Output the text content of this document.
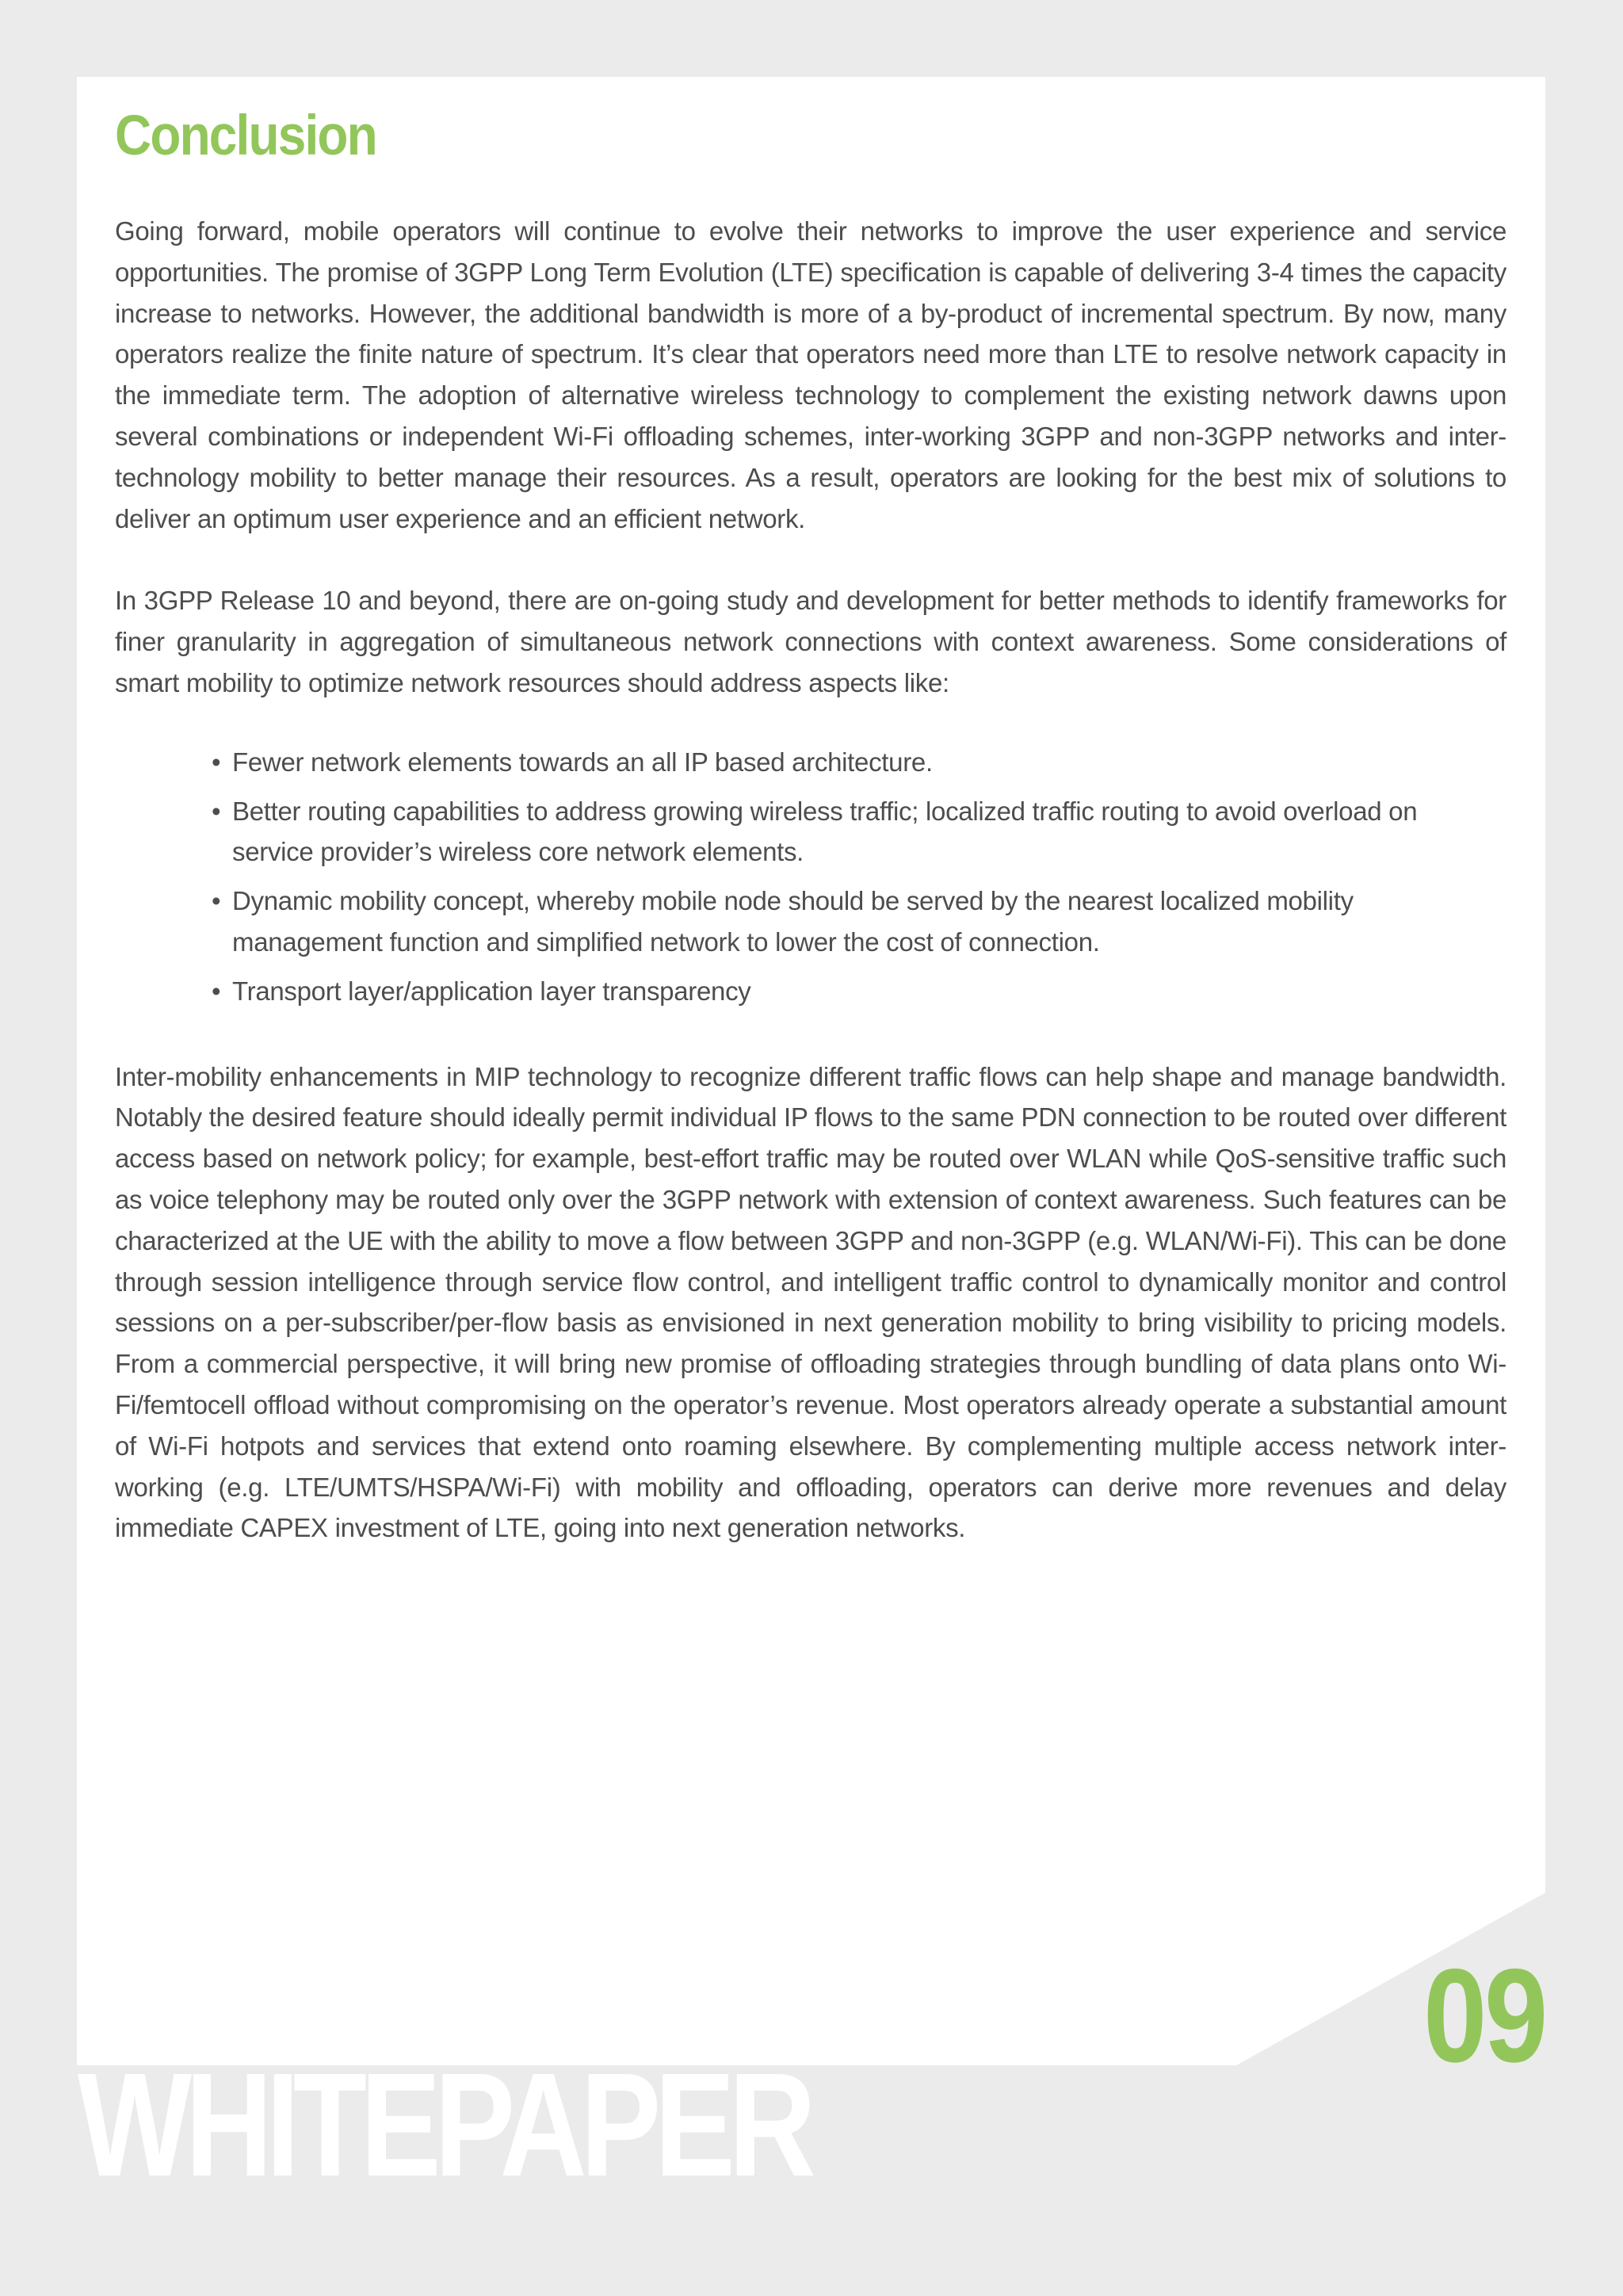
WHITEPAPER
09
Conclusion

Going forward, mobile operators will continue to evolve their networks to improve the user experience and service opportunities. The promise of 3GPP Long Term Evolution (LTE) specification is capable of delivering 3-4 times the capacity increase to networks. However, the additional bandwidth is more of a by-product of incremental spectrum. By now, many operators realize the finite nature of spectrum. It’s clear that operators need more than LTE to resolve network capacity in the immediate term. The adoption of alternative wireless technology to complement the existing network dawns upon several combinations or independent Wi-Fi offloading schemes, inter-working 3GPP and non-3GPP networks and inter-technology mobility to better manage their resources. As a result, operators are looking for the best mix of solutions to deliver an optimum user experience and an efficient network.

In 3GPP Release 10 and beyond, there are on-going study and development for better methods to identify frameworks for finer granularity in aggregation of simultaneous network connections with context awareness. Some considerations of smart mobility to optimize network resources should address aspects like:

• Fewer network elements towards an all IP based architecture.
• Better routing capabilities to address growing wireless traffic; localized traffic routing to avoid overload on service provider’s wireless core network elements.
• Dynamic mobility concept, whereby mobile node should be served by the nearest localized mobility management function and simplified network to lower the cost of connection.
• Transport layer/application layer transparency

Inter-mobility enhancements in MIP technology to recognize different traffic flows can help shape and manage bandwidth. Notably the desired feature should ideally permit individual IP flows to the same PDN connection to be routed over different access based on network policy; for example, best-effort traffic may be routed over WLAN while QoS-sensitive traffic such as voice telephony may be routed only over the 3GPP network with extension of context awareness. Such features can be characterized at the UE with the ability to move a flow between 3GPP and non-3GPP (e.g. WLAN/Wi-Fi). This can be done through session intelligence through service flow control, and intelligent traffic control to dynamically monitor and control sessions on a per-subscriber/per-flow basis as envisioned in next generation mobility to bring visibility to pricing models. From a commercial perspective, it will bring new promise of offloading strategies through bundling of data plans onto Wi-Fi/femtocell offload without compromising on the operator’s revenue. Most operators already operate a substantial amount of Wi-Fi hotpots and services that extend onto roaming elsewhere. By complementing multiple access network inter-working (e.g. LTE/UMTS/HSPA/Wi-Fi) with mobility and offloading, operators can derive more revenues and delay immediate CAPEX investment of LTE, going into next generation networks.
